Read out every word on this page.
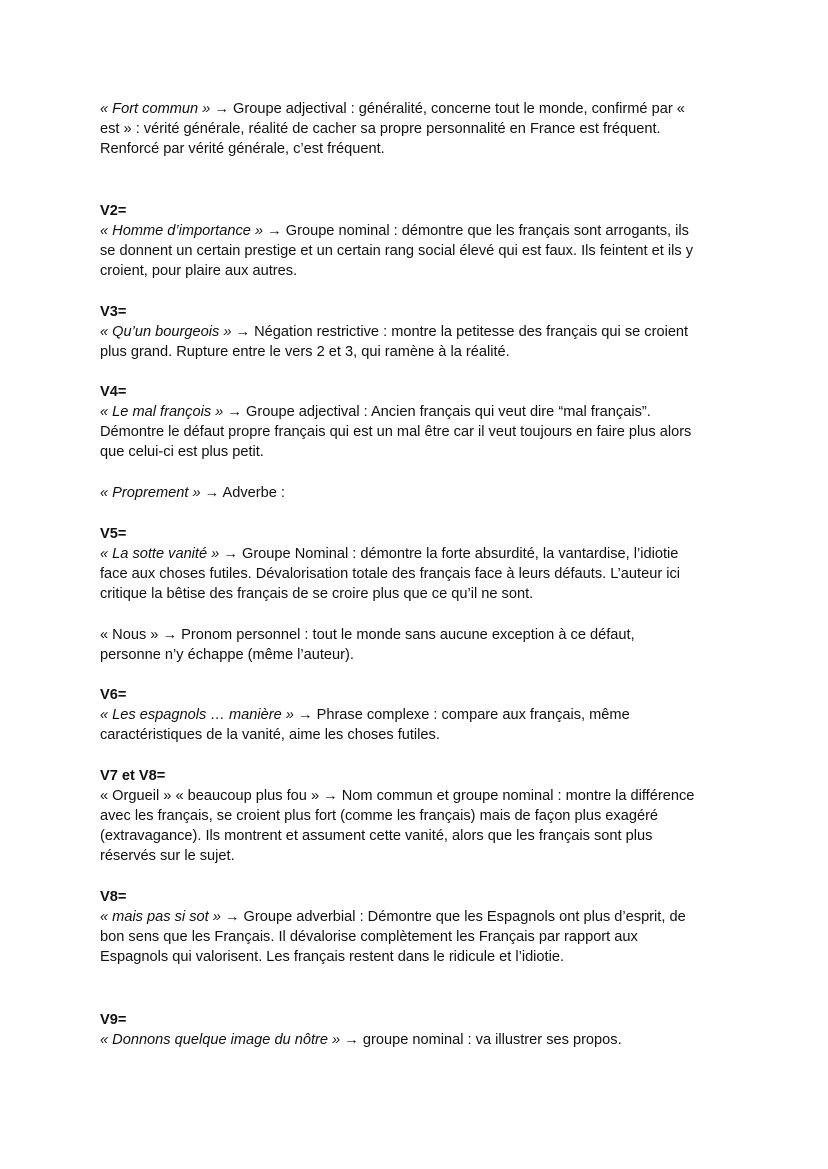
« Fort commun » → Groupe adjectival : généralité, concerne tout le monde, confirmé par «

est » : vérité générale, réalité de cacher sa propre personnalité en France est fréquent.

Renforcé par vérité générale, c’est fréquent.

V2=

« Homme d’importance » → Groupe nominal : démontre que les français sont arrogants, ils

se donnent un certain prestige et un certain rang social élevé qui est faux. Ils feintent et ils y

croient, pour plaire aux autres.

V3=

« Qu’un bourgeois » → Négation restrictive : montre la petitesse des français qui se croient

plus grand. Rupture entre le vers 2 et 3, qui ramène à la réalité.

V4=

« Le mal françois » → Groupe adjectival : Ancien français qui veut dire “mal français”.

Démontre le défaut propre français qui est un mal être car il veut toujours en faire plus alors

que celui-ci est plus petit.

« Proprement » → Adverbe :

V5=

« La sotte vanité » → Groupe Nominal : démontre la forte absurdité, la vantardise, l’idiotie

face aux choses futiles. Dévalorisation totale des français face à leurs défauts. L’auteur ici

critique la bêtise des français de se croire plus que ce qu’il ne sont.

« Nous » → Pronom personnel : tout le monde sans aucune exception à ce défaut,

personne n’y échappe (même l’auteur).

V6=

« Les espagnols … manière » → Phrase complexe : compare aux français, même

caractéristiques de la vanité, aime les choses futiles.

V7 et V8=

« Orgueil » « beaucoup plus fou » → Nom commun et groupe nominal : montre la différence

avec les français, se croient plus fort (comme les français) mais de façon plus exagéré

(extravagance). Ils montrent et assument cette vanité, alors que les français sont plus

réservés sur le sujet.

V8=

« mais pas si sot » → Groupe adverbial : Démontre que les Espagnols ont plus d’esprit, de

bon sens que les Français. Il dévalorise complètement les Français par rapport aux

Espagnols qui valorisent. Les français restent dans le ridicule et l’idiotie.

V9=

« Donnons quelque image du nôtre » → groupe nominal : va illustrer ses propos.
